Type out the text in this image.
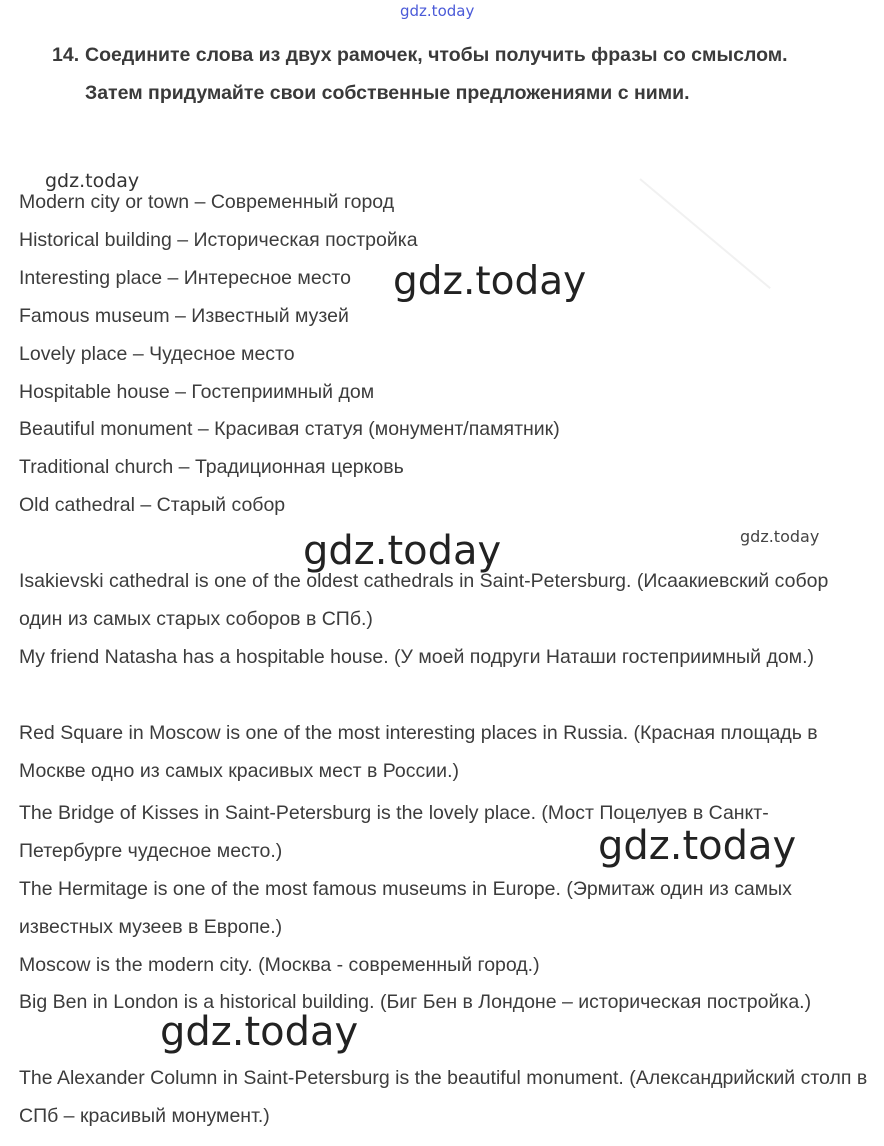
14. Соедините слова из двух рамочек, чтобы получить фразы со смыслом. Затем придумайте свои собственные предложениями с ними.
Modern city or town – Современный город
Historical building – Историческая постройка
Interesting place – Интересное место
Famous museum – Известный музей
Lovely place – Чудесное место
Hospitable house – Гостеприимный дом
Beautiful monument – Красивая статуя (монумент/памятник)
Traditional church – Традиционная церковь
Old cathedral – Старый собор
Isakievski cathedral is one of the oldest cathedrals in Saint-Petersburg. (Исаакиевский собор один из самых старых соборов в СПб.)
My friend Natasha has a hospitable house. (У моей подруги Наташи гостеприимный дом.)
Red Square in Moscow is one of the most interesting places in Russia. (Красная площадь в Москве одно из самых красивых мест в России.)
The Bridge of Kisses in Saint-Petersburg is the lovely place. (Мост Поцелуев в Санкт-Петербурге чудесное место.)
The Hermitage is one of the most famous museums in Europe. (Эрмитаж один из самых известных музеев в Европе.)
Moscow is the modern city. (Москва - современный город.)
Big Ben in London is a historical building. (Биг Бен в Лондоне – историческая постройка.)
The Alexander Column in Saint-Petersburg is the beautiful monument. (Александрийский столп в СПб – красивый монумент.)
gdz.today
gdz.today
gdz.today
gdz.today
gdz.today
gdz.today
gdz.today
